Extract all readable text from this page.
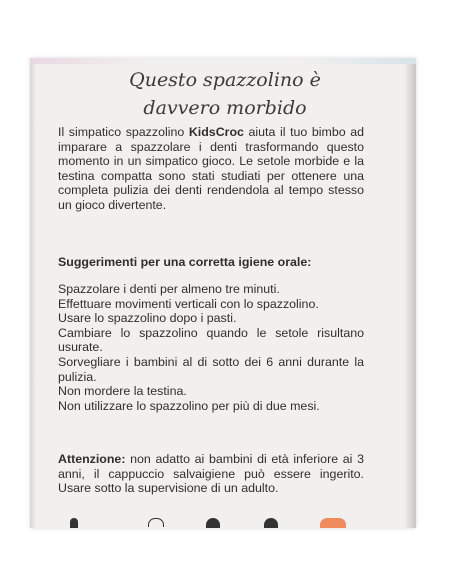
Questo spazzolino è
davvero morbido
Il simpatico spazzolino KidsCroc aiuta il tuo bimbo ad imparare a spazzolare i denti trasformando questo momento in un simpatico gioco. Le setole morbide e la testina compatta sono stati studiati per ottenere una completa pulizia dei denti rendendola al tempo stesso un gioco divertente.
Suggerimenti per una corretta igiene orale:

Spazzolare i denti per almeno tre minuti.

Effettuare movimenti verticali con lo spazzolino.

Usare lo spazzolino dopo i pasti.

Cambiare lo spazzolino quando le setole risultano usurate.

Sorvegliare i bambini al di sotto dei 6 anni durante la pulizia.

Non mordere la testina.

Non utilizzare lo spazzolino per più di due mesi.

Attenzione: non adatto ai bambini di età inferiore ai 3 anni, il cappuccio salvaigiene può essere ingerito. Usare sotto la supervisione di un adulto.
